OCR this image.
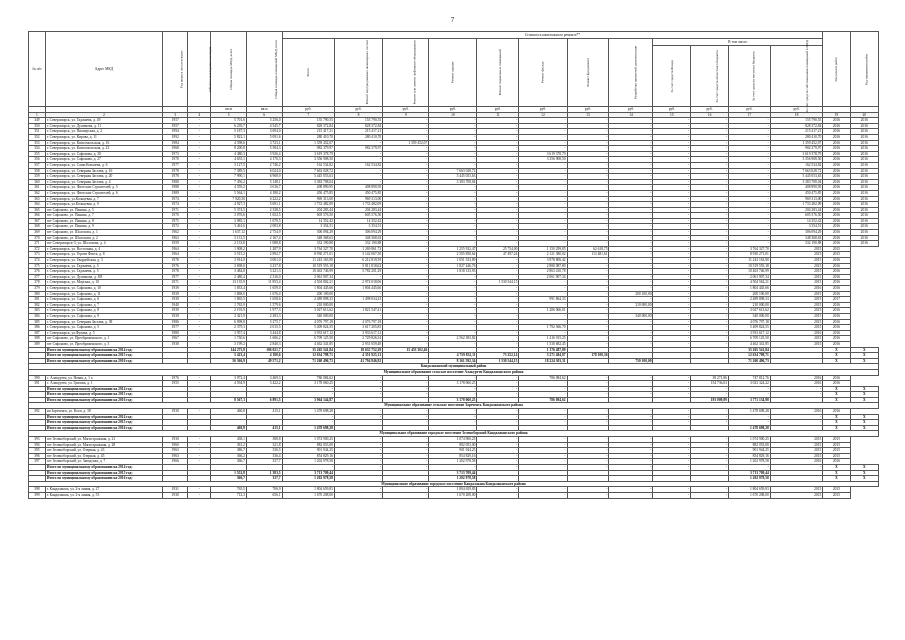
7
№ п/п	Адрес МКД	Год ввода в эксплуатацию	Объекты культурного наследия	Общая площадь МКД, всего	Общая площадь помещений МКД, всего	Стоимость капитального ремонта**												Год начала работ	Год завершения работ
						Всего	Ремонт внутридомовых инженерных систем	Ремонт или замена лифтового оборудования	Ремонт крыши	Ремонт подвальных помещений	Ремонт фасада	Ремонт фундамента	Разработка проектной документации	В том числе:					
														За счет средств Фонда	За счет средств областного бюджета	За счет средств местного бюджета	За счет средств собственников помещений в МКД		
				кв.м	кв.м	руб.	руб.	руб.	руб.	руб.	руб.	руб.	руб.	руб.	руб.	руб.	руб.		
1	2	3	4	5	6	7	8	9	10	11	12	13	14	15	16	17	18	19	20
349	г. Североморск, ул. Гаджиева, д. 49	1957	-	5 701,6	5 256,0	155 790,55	155 790,55	-	-	-	-	-	-	-	-	-	155 790,55	2016	2016
350	г. Североморск, ул. Душенова, д. 11	1957	-	6 239,7	4 545,7	828 372,84	828 372,84	-	-	-	-	-	-	-	-	-	828 372,84	2016	2016
351	г. Североморск, ул. Пионерская, д. 2	1994	-	5 187,3	3 694,0	215 417,21	215 417,21	-	-	-	-	-	-	-	-	-	215 417,21	2016	2016
352	г. Североморск, ул. Кирова, д. 11	1992	-	5 822,1	5 091,6	280 410,70	280 410,70	-	-	-	-	-	-	-	-	-	280 410,70	2016	2016
353	г. Североморск, ул. Комсомольская, д. 16	1984	-	4 598,6	3 723,1	1 359 452,07	-	1 359 452,07	-	-	-	-	-	-	-	-	1 359 452,07	2016	2016
354	г. Североморск, ул. Комсомольская, д. 23	1968	-	8 200,8	5 584,3	982 379,97	982 379,97	-	-	-	-	-	-	-	-	-	982 379,97	2016	2016
355	г. Североморск, ул. Сафонова, д. 20	1973	-	4 480,3	3 926,4	3 619 378,79	-	-	-	-	3 619 378,79	-	-	-	-	-	3 619 378,79	2016	2016
356	г. Североморск, ул. Сафонова, д. 27	1970	-	4 655,1	4 170,3	3 356 908,50	-	-	-	-	3 356 908,50	-	-	-	-	-	3 356 908,50	2016	2016
357	г. Североморск, ул. Саши Ковалева, д. 6	1977	-	3 127,5	2 746,2	162 534,82	162 534,82	-	-	-	-	-	-	-	-	-	162 534,82	2016	2016
358	г. Североморск, ул. Северная Застава, д. 16	1978	-	7 389,5	6 024,0	7 663 028,72	-	-	7 663 028,72	-	-	-	-	-	-	-	7 663 028,72	2016	2016
359	г. Североморск, ул. Северная Застава, д. 20	1978	-	7 990,1	6 968,9	5 445 053,63	-	-	5 445 053,63	-	-	-	-	-	-	-	5 445 053,63	2016	2016
360	г. Североморск, ул. Северная Застава, д. 4	1980	-	7 456,2	5 148,1	3 383 708,04	-	-	3 383 708,04	-	-	-	-	-	-	-	3 383 708,04	2016	2016
361	г. Североморск, ул. Флотских Строителей, д. 5	1988	-	4 559,2	3 616,7	408 890,95	408 890,95	-	-	-	-	-	-	-	-	-	408 890,95	2016	2016
362	г. Североморск, ул. Флотских Строителей, д. 6	1989	-	5 564,1	4 180,2	450 475,85	450 475,85	-	-	-	-	-	-	-	-	-	450 475,85	2016	2016
363	г. Североморск, ул.Кольцевая, д. 7	1974	-	7 920,50	6 222,2	969 313,00	969 313,00	-	-	-	-	-	-	-	-	-	969 313,00	2016	2016
364	г. Североморск, ул.Кольцевая, д. 9	1974	-	4 927,3	5 691,1	1 733 482,09	1 733 482,09	-	-	-	-	-	-	-	-	-	1 733 482,09	2016	2016
365	пгт Сафоново, ул. Панина, д. 5	1971	-	5 374,5	2 338,5	204 283,44	204 283,44	-	-	-	-	-	-	-	-	-	204 283,44	2016	2016
366	пгт Сафоново, ул. Панина, д. 7	1970	-	3 076,6	1 652,5	605 576,50	605 576,50	-	-	-	-	-	-	-	-	-	605 576,50	2016	2016
367	пгт Сафоново, ул. Панина, д. 8	1975	-	3 085,1	1 670,5	14 352,42	14 352,42	-	-	-	-	-	-	-	-	-	14 352,42	2016	2016
368	пгт Сафоново, ул. Панина, д. 9	1972	-	3 461,6	2 083,8	3 354,51	3 354,51	-	-	-	-	-	-	-	-	-	3 354,51	2016	2016
369	пгт Сафоново, ул. Шолохова, д. 1	1962	-	1 637,12	2 754,9	306 094,29	306 094,29	-	-	-	-	-	-	-	-	-	306 094,29	2016	2016
370	пгт Сафоново, ул. Шолохова, д. 2	1963	-	3 131,5	2 167,4	348 368,63	348 368,63	-	-	-	-	-	-	-	-	-	348 368,63	2016	2016
371	пгт Североморск-3, ул. Шолохова, д. 4	1959	-	2 133,8	1 088,8	332 190,88	332 190,88	-	-	-	-	-	-	-	-	-	332 190,88	2016	2016
372	г. Североморск, ул. Восточная, д. 4	1964	-	1 908,2	1 287,9	3 764 327,70	1 269 861,73	-	1 255 932,47	25 754,00	1 150 299,85	62 618,75	-	-	-	3 764 327,70	2015	2015	
373	г. Североморск, ул. Героев Флота, д. 8	1964	-	3 515,2	2 892,7	8 930 271,01	3 142 067,50	-	2 505 858,64	47 497,24	2 121 380,02	113 481,61	-	-	-	8 930 271,01	2015	2015	
374	г. Североморск, ул. Гвардейская, д. 3	1978	-	3 914,0	3 061,0	11 243 163,90	6 212 819,59	-	1 051 533,89	-	3 978 806,42	-	-	-	-	11 243 163,90	2015	2016	
375	г. Североморск, ул. Гаджиева, д. 3	1976	-	3 698,0	3 237,8	10 519 555,18	5 811 818,62	-	1 827 446,76	-	2 880 087,80	-	-	-	-	10 519 555,18	2015	2016	
376	г. Североморск, ул. Гаджиева, д. 5	1978	-	3 484,8	3 221,3	10 463 746,99	5 782 201,29	-	1 818 133,93	-	2 863 410,78	-	-	-	-	10 463 746,99	2015	2016	
377	г. Североморск, ул. Душенова, д. 8/8	1977	-	2 480,4	2 316,0	2 061 907,34	-	-	-	-	2 061 907,34	-	-	-	-	2 061 907,34	2015	2016	
378	г. Североморск, ул. Морская, д. 10	1971	-	13 135,9	11 853,4	4 504 802,21	2 974 018,06	-	-	1 530 544,15	-	-	-	-	-	4 504 562,21	2015	2016	
379	г. Североморск, ул. Сафонова, д. 10	1939	-	1 833,4	1 659,0	1 804 445,66	1 804 445,66	-	-	-	-	-	-	-	-	1 804 445,66	2016	2016	
380	г. Североморск, ул. Сафонова, д. 11	1939	-	1 868,0	1 676,4	200 100,00	-	-	-	-	-	-	200 100,00	-	-	200 100,00	2015	2016	
381	г. Североморск, ул. Сафонова, д. 6	1939	-	1 865,5	1 658,6	2 489 898,33	1 498 034,23	-	-	-	991 864,33	-	-	-	-	2 489 898,33	2015	2017	
382	г. Североморск, ул. Сафонова, д. 7	1940	-	1 763,9	1 579,6	210 000,00	-	-	-	-	-	-	210 000,00	-	-	210 000,00	2015	2016	
383	г. Североморск, ул. Сафонова, д. 8	1939	-	2 193,9	1 977,3	3 027 613,62	1 821 547,41	-	-	-	1 206 066,01	-	-	-	-	3 027 613,62	2015	2016	
384	г. Североморск, ул. Сафонова, д. 9	1939	-	2 421,9	2 283,3	340 000,00	-	-	-	-	-	-	340 000,00	-	-	340 000,00	2015	2016	
385	г. Североморск, ул. Северная Застава, д. 38	1986	-	6 098,8	5 275,7	4 076 797,18	4 076 797,18	-	-	-	-	-	-	-	-	4 076 797,18	2015	2016	
386	г. Североморск, ул. Сафонова, д. 5	1977	-	2 379,3	2 015,5	5 409 824,55	3 617 205,85	-	-	-	1 792 366,70	-	-	-	-	5 409 824,55	2015	2016	
387	г. Североморск, ул.Фулика, д. 5	1980	-	3 957,4	3 444,8	3 933 617,12	3 933 617,12	-	-	-	-	-	-	-	-	3 933 617,12	2016	2016	
388	пгт Сафоново, ул. Преображенского, д. 1	1967	-	1 730,6	1 606,2	6 709 125,50	2 729 826,54	-	2 562 383,82	-	1 416 915,25	-	-	-	-	6 709 125,50	2015	2016	
389	пгт Сафоново, ул. Преображенского, д. 3	1938	-	3 199,2	2 840,3	4 462 341,85	2 931 659,40	-	-	-	1 530 682,45	-	-	-	-	4 462 341,85	2015	2016	
	Итого по муниципальному образованию на 2014 год:			144 275,8	106 021,7	35 265 541,84	18 635 752,29	15 453 302,46			1 176 487,09					35 265 541,84		X	X
	Итого по муниципальному образованию на 2015 год:			5 423,4	4 180,6	12 634 798,71	4 351 925,13		4 759 832,11	73 252,14	3 271 484,87	178 100,36				12 634 798,71		X	X
	Итого по муниципальному образованию на 2016 год:			56 366,9	49 571,2	71 260 496,73	41 794 846,92		8 161 592,34	1 530 544,15	18 224 303,31		750 100,00			71 260 496,73		X	X
Кандалакшский муниципальный район																			
Муниципальное образование сельское поселение Алакуртти Кандалакшского района																			
390	с. Алакуртти, ул. Новая, д. 1 а	1976	-	3 972,4	3 469,3	786 084,62	-	-	-	-	786 084,62	-	-	-	38 271,86	747 812,76	2016	2016	
391	с. Алакуртти, ул. Гризова, д. 1	1955	-	4 594,9	3 422,2	3 178 060,25	-	-	3 178 060,25	-	-	-	-	-	154 736,03	3 023 324,22	2016	2016	
	Итого по муниципальному образованию на 2014 год:					-	-	-	-	-	-	-	-	-	-	-	-	X	X
	Итого по муниципальному образованию на 2015 год:					-	-	-	-	-	-	-	-	-	-	-	-	X	X
	Итого по муниципальному образованию на 2016 год:			8 567,3	6 891,5	3 964 144,87			3 178 060,25		786 084,62				193 009,89	3 771 134,98		X	X
Муниципальное образование сельское поселение Зареченск Кандалакшского района																			
392	нп Зареченск, ул. Кооп, д. 38	1930	-	460,8	415,1	1 478 698,28	-	-	-	-	-	-	-	-	-	1 478 698,28	2016	2016	
	Итого по муниципальному образованию на 2014 год:					-	-	-	-	-	-	-	-	-	-	-	-	X	X
	Итого по муниципальному образованию на 2015 год:					-	-	-	-	-	-	-	-	-	-	-	-	X	X
	Итого по муниципальному образованию на 2016 год:			460,8	415,1	1 478 698,28										1 478 698,28		X	X
Муниципальное образование городское поселение Зеленоборский Кандалакшского района																			
393	пгт Зеленоборский, ул. Магистральная, д. 21	1930	-	438,1	388,8	1 074 900,25	-	-	1 074 900,25	-	-	-	-	-	-	1 074 900,25	2015	2015	
394	пгт Зеленоборский, ул. Магистральная, д. 28	1960	-	361,2	321,8	882 053,00	-	-	882 053,00	-	-	-	-	-	-	882 053,00	2015	2015	
395	пгт Зеленоборский, ул. Озерная, д. 43	1963	-	386,7	336,5	901 944,25	-	-	901 944,25	-	-	-	-	-	-	901 944,25	2015	2015	
396	пгт Зеленоборский, ул. Озерная, д. 45	1963	-	366,2	336,4	854 829,16	-	-	854 829,16	-	-	-	-	-	-	854 829,16	2015	2015	
397	пгт Зеленоборский, ул. Заводская, д. 7	1966	-	366,7	337,7	1 202 978,58	-	-	1 202 978,58	-	-	-	-	-	-	1 202 978,58	2016	2016	
	Итого по муниципальному образованию на 2014 год:					-	-	-	-	-	-	-	-	-	-	-	-	X	X
	Итого по муниципальному образованию на 2015 год:			1 552,8	1 383,5	3 713 709,44			3 713 709,44							3 713 709,44		X	X
	Итого по муниципальному образованию на 2016 год:			366,7	337,7	1 202 978,58			1 202 978,58							1 202 978,58		X	X
Муниципальное образование городское поселение Кандалакша Кандалакшского района																			
398	г. Кандалакша, ул. 2-я линия, д. 27	1931	-	765,5	706,9	1 804 659,83	-	-	1 804 659,83	-	-	-	-	-	-	1 804 659,83	2015	2015	
399	г. Кандалакша, ул. 2-я линия, д. 53	1930	-	712,3	656,1	1 670 208,00	-	-	1 670 208,00	-	-	-	-	-	-	1 670 208,00	2015	2015	
